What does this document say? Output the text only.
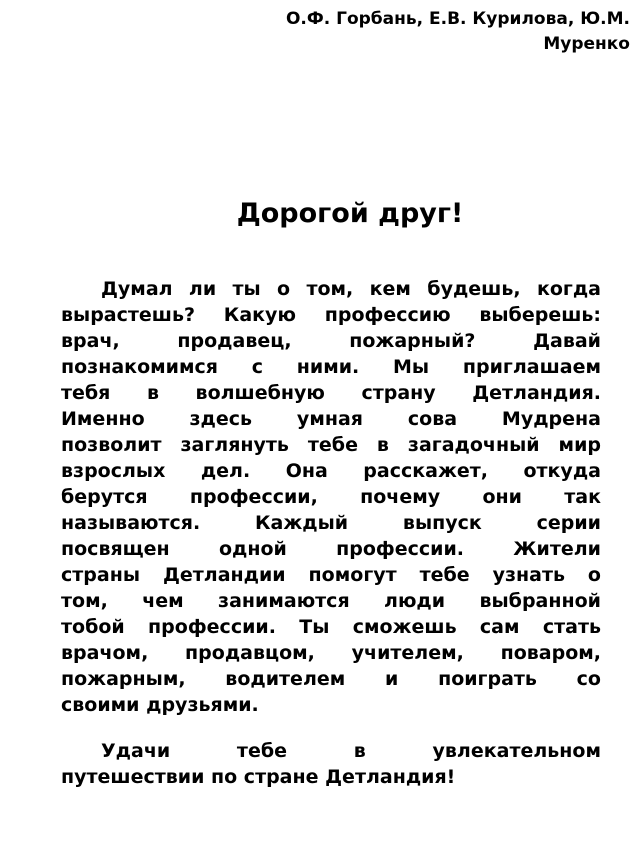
О.Ф. Горбань, Е.В. Курилова, Ю.М.
Муренко
Дорогой друг!
Думал ли ты о том, кем будешь, когда
вырастешь? Какую профессию выберешь:
врач, продавец, пожарный? Давай
познакомимся с ними. Мы приглашаем
тебя в волшебную страну Детландия.
Именно здесь умная сова Мудрена
позволит заглянуть тебе в загадочный мир
взрослых дел. Она расскажет, откуда
берутся профессии, почему они так
называются. Каждый выпуск серии
посвящен одной профессии. Жители
страны Детландии помогут тебе узнать о
том, чем занимаются люди выбранной
тобой профессии. Ты сможешь сам стать
врачом, продавцом, учителем, поваром,
пожарным, водителем и поиграть со
своими друзьями.
Удачи тебе в увлекательном
путешествии по стране Детландия!
